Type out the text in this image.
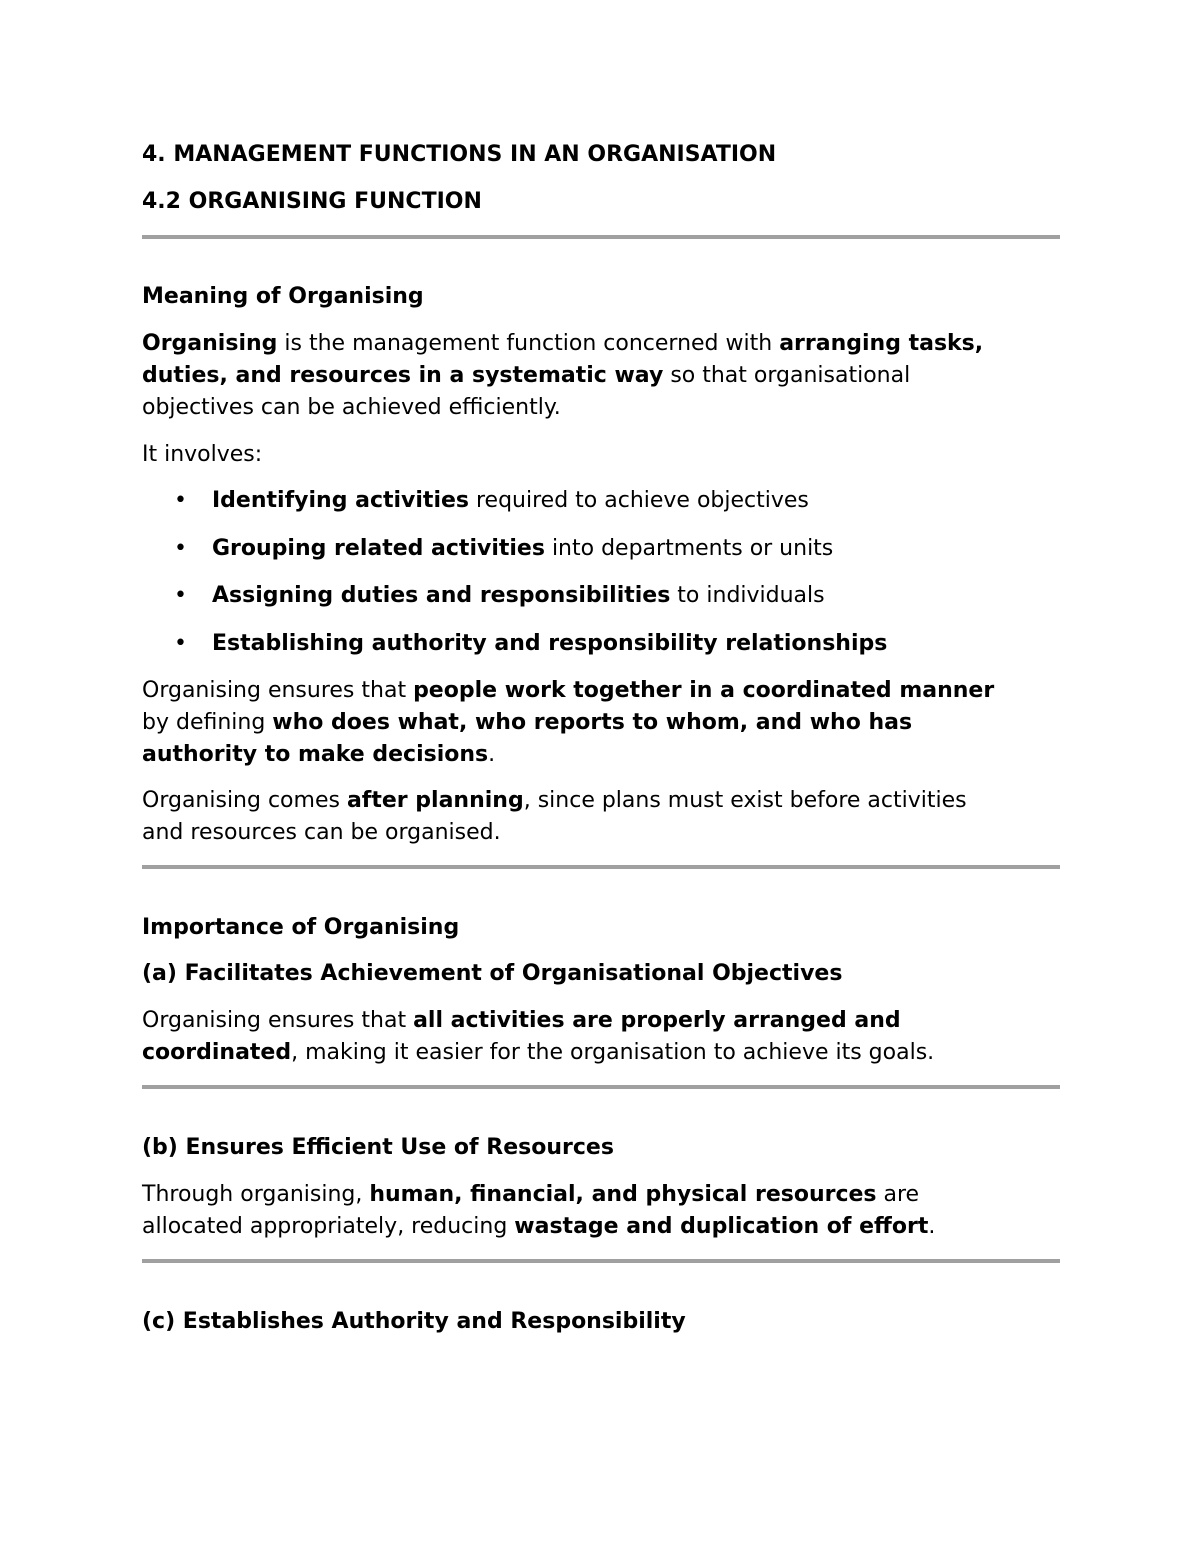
4. MANAGEMENT FUNCTIONS IN AN ORGANISATION
4.2 ORGANISING FUNCTION
Meaning of Organising
Organising is the management function concerned with arranging tasks,
duties, and resources in a systematic way so that organisational
objectives can be achieved efficiently.
It involves:
• Identifying activities required to achieve objectives
• Grouping related activities into departments or units
• Assigning duties and responsibilities to individuals
• Establishing authority and responsibility relationships
Organising ensures that people work together in a coordinated manner
by defining who does what, who reports to whom, and who has
authority to make decisions.
Organising comes after planning, since plans must exist before activities
and resources can be organised.
Importance of Organising
(a) Facilitates Achievement of Organisational Objectives
Organising ensures that all activities are properly arranged and
coordinated, making it easier for the organisation to achieve its goals.
(b) Ensures Efficient Use of Resources
Through organising, human, financial, and physical resources are
allocated appropriately, reducing wastage and duplication of effort.
(c) Establishes Authority and Responsibility
